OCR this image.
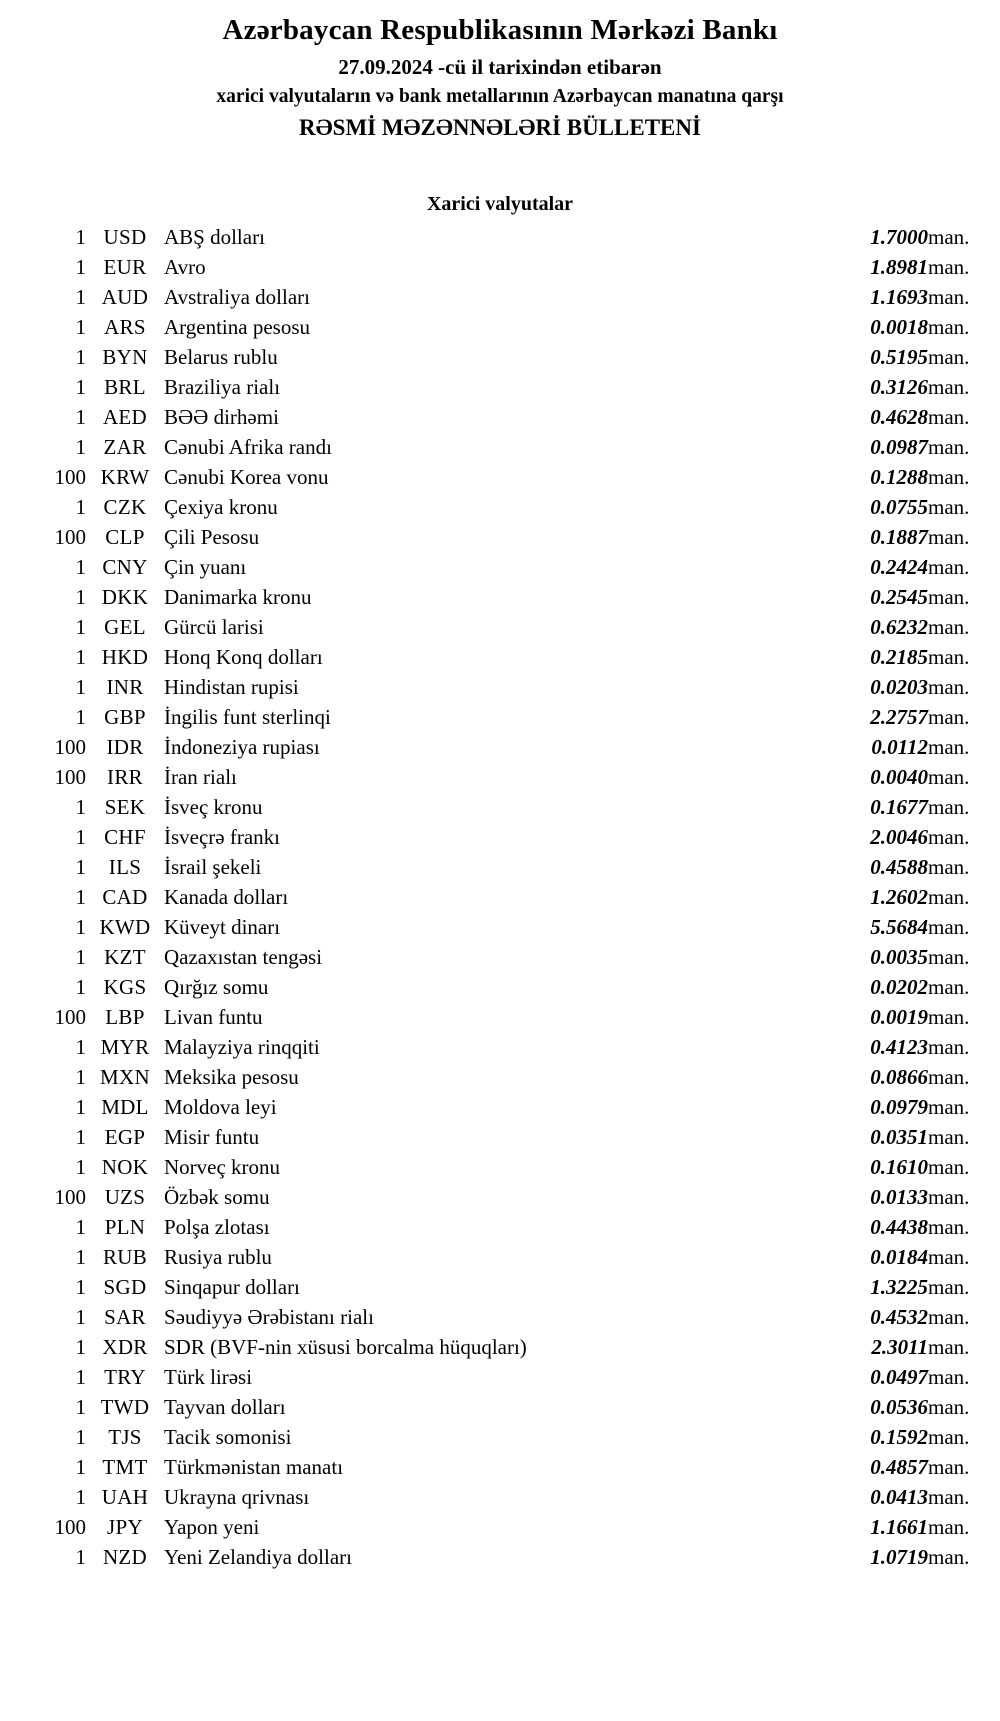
Azərbaycan Respublikasının Mərkəzi Bankı
27.09.2024 -cü il tarixindən etibarən
xarici valyutaların və bank metallarının Azərbaycan manatına qarşı
RƏSMİ MƏZƏNNƏLƏRİ BÜLLETENİ
Xarici valyutalar
1	USD	ABŞ dolları	1.7000	man.
1	EUR	Avro	1.8981	man.
1	AUD	Avstraliya dolları	1.1693	man.
1	ARS	Argentina pesosu	0.0018	man.
1	BYN	Belarus rublu	0.5195	man.
1	BRL	Braziliya rialı	0.3126	man.
1	AED	BƏƏ dirhəmi	0.4628	man.
1	ZAR	Cənubi Afrika randı	0.0987	man.
100	KRW	Cənubi Korea vonu	0.1288	man.
1	CZK	Çexiya kronu	0.0755	man.
100	CLP	Çili Pesosu	0.1887	man.
1	CNY	Çin yuanı	0.2424	man.
1	DKK	Danimarka kronu	0.2545	man.
1	GEL	Gürcü larisi	0.6232	man.
1	HKD	Honq Konq dolları	0.2185	man.
1	INR	Hindistan rupisi	0.0203	man.
1	GBP	İngilis funt sterlinqi	2.2757	man.
100	IDR	İndoneziya rupiası	0.0112	man.
100	IRR	İran rialı	0.0040	man.
1	SEK	İsveç kronu	0.1677	man.
1	CHF	İsveçrə frankı	2.0046	man.
1	ILS	İsrail şekeli	0.4588	man.
1	CAD	Kanada dolları	1.2602	man.
1	KWD	Küveyt dinarı	5.5684	man.
1	KZT	Qazaxıstan tengəsi	0.0035	man.
1	KGS	Qırğız somu	0.0202	man.
100	LBP	Livan funtu	0.0019	man.
1	MYR	Malayziya rinqqiti	0.4123	man.
1	MXN	Meksika pesosu	0.0866	man.
1	MDL	Moldova leyi	0.0979	man.
1	EGP	Misir funtu	0.0351	man.
1	NOK	Norveç kronu	0.1610	man.
100	UZS	Özbək somu	0.0133	man.
1	PLN	Polşa zlotası	0.4438	man.
1	RUB	Rusiya rublu	0.0184	man.
1	SGD	Sinqapur dolları	1.3225	man.
1	SAR	Səudiyyə Ərəbistanı rialı	0.4532	man.
1	XDR	SDR (BVF-nin xüsusi borcalma hüquqları)	2.3011	man.
1	TRY	Türk lirəsi	0.0497	man.
1	TWD	Tayvan dolları	0.0536	man.
1	TJS	Tacik somonisi	0.1592	man.
1	TMT	Türkmənistan manatı	0.4857	man.
1	UAH	Ukrayna qrivnası	0.0413	man.
100	JPY	Yapon yeni	1.1661	man.
1	NZD	Yeni Zelandiya dolları	1.0719	man.
